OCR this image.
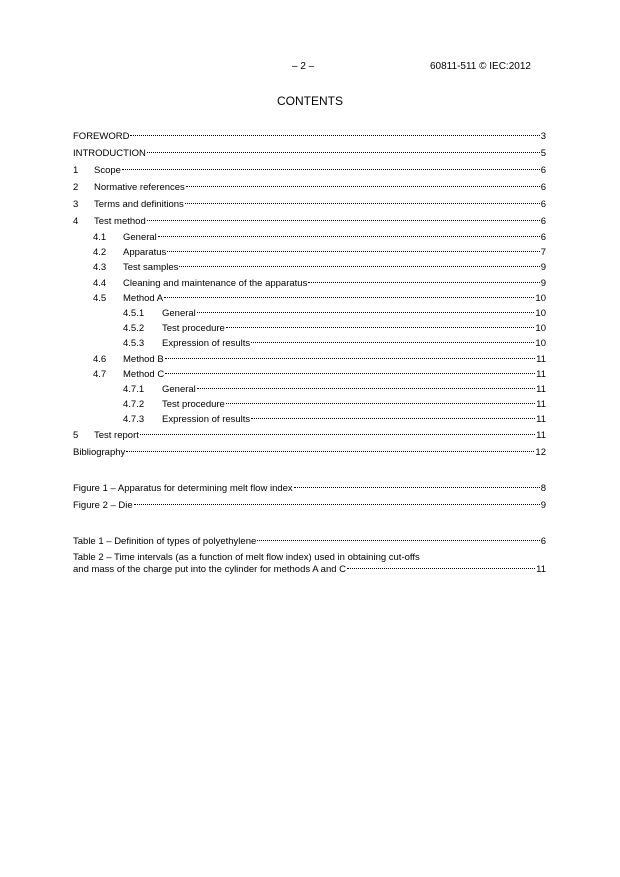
– 2 –	60811-511 © IEC:2012
CONTENTS
FOREWORD	3
INTRODUCTION	5
1	Scope	6
2	Normative references	6
3	Terms and definitions	6
4	Test method	6
4.1	General	6
4.2	Apparatus	7
4.3	Test samples	9
4.4	Cleaning and maintenance of the apparatus	9
4.5	Method A	10
4.5.1	General	10
4.5.2	Test procedure	10
4.5.3	Expression of results	10
4.6	Method B	11
4.7	Method C	11
4.7.1	General	11
4.7.2	Test procedure	11
4.7.3	Expression of results	11
5	Test report	11
Bibliography	12
Figure 1 – Apparatus for determining melt flow index	8
Figure 2 – Die	9
Table 1 – Definition of types of polyethylene	6
Table 2 – Time intervals (as a function of melt flow index) used in obtaining cut-offs
and mass of the charge put into the cylinder for methods A and C	11
